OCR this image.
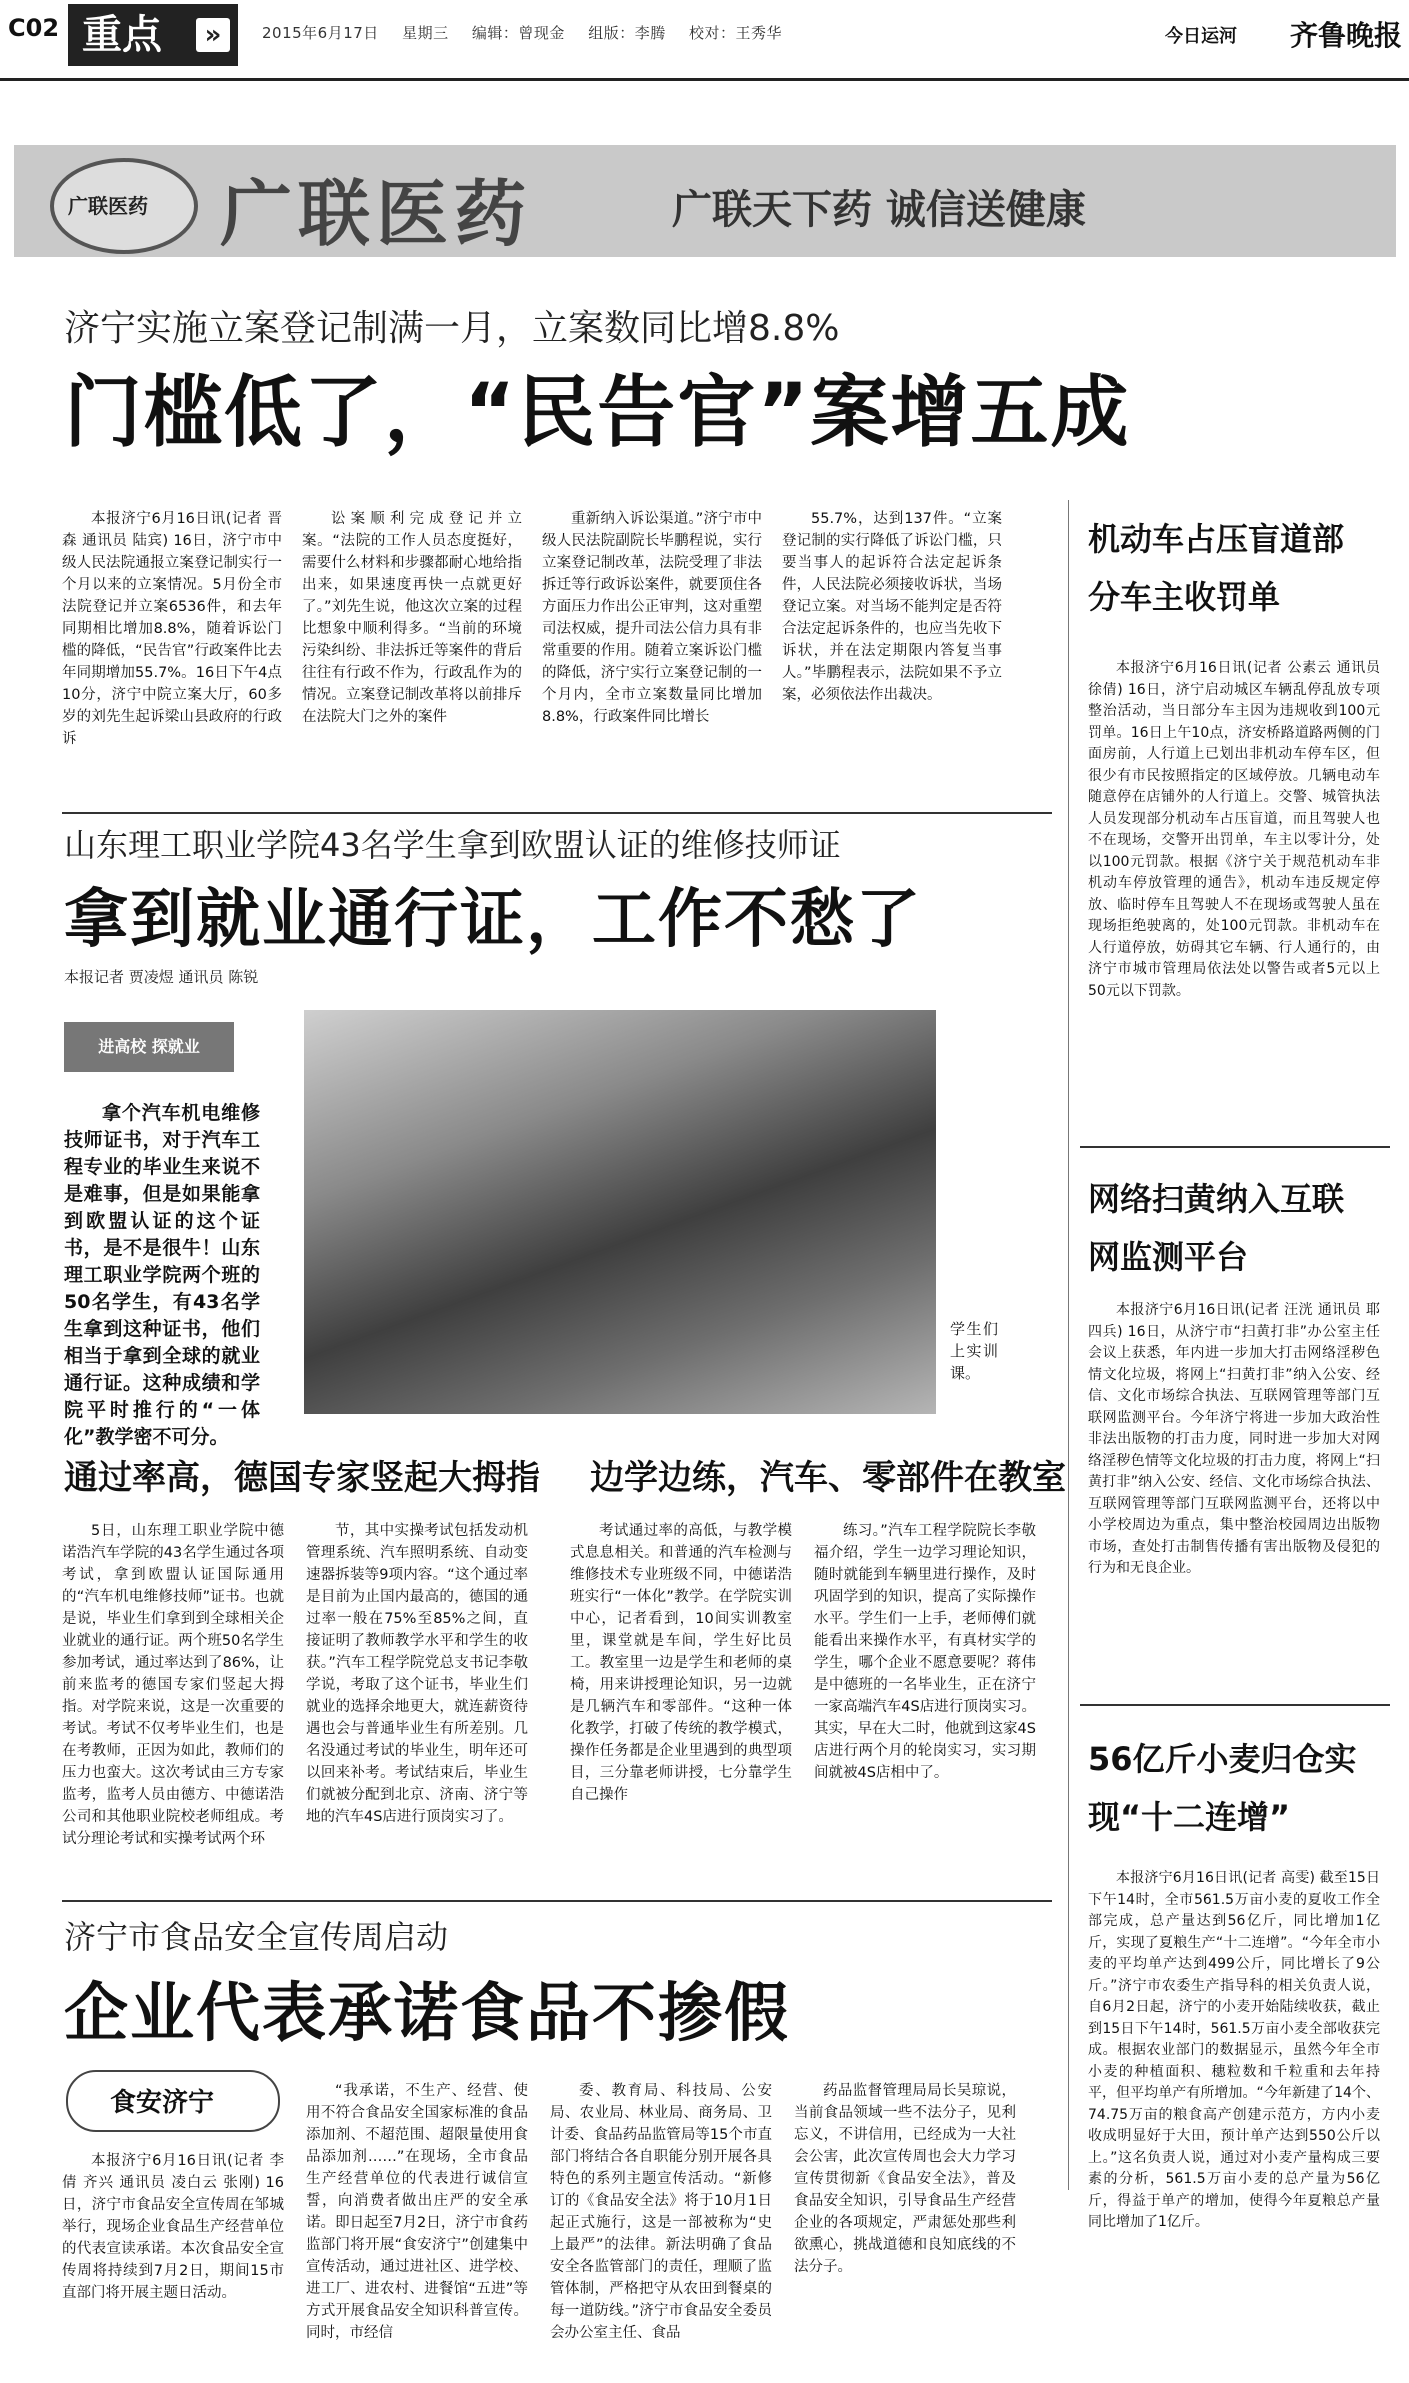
C02 重点	»	2015年6月17日 星期三 编辑：曾现金 组版：李腾 校对：王秀华	今日运河 齐鲁晚报
广联医药 广联医药	广联天下药 诚信送健康
济宁实施立案登记制满一月，立案数同比增8.8%
门槛低了，“民告官”案增五成

本报济宁6月16日讯(记者 晋森 通讯员 陆宾) 16日，济宁市中级人民法院通报立案登记制实行一个月以来的立案情况。5月份全市法院登记并立案6536件，和去年同期相比增加8.8%，随着诉讼门槛的降低，“民告官”行政案件比去年同期增加55.7%。16日下午4点10分，济宁中院立案大厅，60多岁的刘先生起诉梁山县政府的行政诉

讼案顺利完成登记并立案。“法院的工作人员态度挺好，需要什么材料和步骤都耐心地给指出来，如果速度再快一点就更好了。”刘先生说，他这次立案的过程比想象中顺利得多。“当前的环境污染纠纷、非法拆迁等案件的背后往往有行政不作为，行政乱作为的情况。立案登记制改革将以前排斥在法院大门之外的案件

重新纳入诉讼渠道。”济宁市中级人民法院副院长毕鹏程说，实行立案登记制改革，法院受理了非法拆迁等行政诉讼案件，就要顶住各方面压力作出公正审判，这对重塑司法权威，提升司法公信力具有非常重要的作用。随着立案诉讼门槛的降低，济宁实行立案登记制的一个月内，全市立案数量同比增加8.8%，行政案件同比增长

55.7%，达到137件。“立案登记制的实行降低了诉讼门槛，只要当事人的起诉符合法定起诉条件，人民法院必须接收诉状，当场登记立案。对当场不能判定是否符合法定起诉条件的，也应当先收下诉状，并在法定期限内答复当事人。”毕鹏程表示，法院如果不予立案，必须依法作出裁决。

机动车占压盲道部分车主收罚单

本报济宁6月16日讯(记者 公素云 通讯员 徐倩) 16日，济宁启动城区车辆乱停乱放专项整治活动，当日部分车主因为违规收到100元罚单。16日上午10点，济安桥路道路两侧的门面房前，人行道上已划出非机动车停车区，但很少有市民按照指定的区域停放。几辆电动车随意停在店铺外的人行道上。交警、城管执法人员发现部分机动车占压盲道，而且驾驶人也不在现场，交警开出罚单，车主以零计分，处以100元罚款。根据《济宁关于规范机动车非机动车停放管理的通告》，机动车违反规定停放、临时停车且驾驶人不在现场或驾驶人虽在现场拒绝驶离的，处100元罚款。非机动车在人行道停放，妨碍其它车辆、行人通行的，由济宁市城市管理局依法处以警告或者5元以上50元以下罚款。

山东理工职业学院43名学生拿到欧盟认证的维修技师证
拿到就业通行证，工作不愁了
本报记者 贾凌煜 通讯员 陈锐
进高校 探就业

拿个汽车机电维修技师证书，对于汽车工程专业的毕业生来说不是难事，但是如果能拿到欧盟认证的这个证书，是不是很牛！山东理工职业学院两个班的50名学生，有43名学生拿到这种证书，他们相当于拿到全球的就业通行证。这种成绩和学院平时推行的“一体化”教学密不可分。

学生们上实训课。
通过率高，德国专家竖起大拇指 边学边练，汽车、零部件在教室

5日，山东理工职业学院中德诺浩汽车学院的43名学生通过各项考试，拿到欧盟认证国际通用的“汽车机电维修技师”证书。也就是说，毕业生们拿到到全球相关企业就业的通行证。两个班50名学生参加考试，通过率达到了86%，让前来监考的德国专家们竖起大拇指。对学院来说，这是一次重要的考试。考试不仅考毕业生们，也是在考教师，正因为如此，教师们的压力也蛮大。这次考试由三方专家监考，监考人员由德方、中德诺浩公司和其他职业院校老师组成。考试分理论考试和实操考试两个环

节，其中实操考试包括发动机管理系统、汽车照明系统、自动变速器拆装等9项内容。“这个通过率是目前为止国内最高的，德国的通过率一般在75%至85%之间，直接证明了教师教学水平和学生的收获。”汽车工程学院党总支书记李敬学说，考取了这个证书，毕业生们就业的选择余地更大，就连薪资待遇也会与普通毕业生有所差别。几名没通过考试的毕业生，明年还可以回来补考。考试结束后，毕业生们就被分配到北京、济南、济宁等地的汽车4S店进行顶岗实习了。

考试通过率的高低，与教学模式息息相关。和普通的汽车检测与维修技术专业班级不同，中德诺浩班实行“一体化”教学。在学院实训中心，记者看到，10间实训教室里，课堂就是车间，学生好比员工。教室里一边是学生和老师的桌椅，用来讲授理论知识，另一边就是几辆汽车和零部件。“这种一体化教学，打破了传统的教学模式，操作任务都是企业里遇到的典型项目，三分靠老师讲授，七分靠学生自己操作

练习。”汽车工程学院院长李敬福介绍，学生一边学习理论知识，随时就能到车辆里进行操作，及时巩固学到的知识，提高了实际操作水平。学生们一上手，老师傅们就能看出来操作水平，有真材实学的学生，哪个企业不愿意要呢？蒋伟是中德班的一名毕业生，正在济宁一家高端汽车4S店进行顶岗实习。其实，早在大二时，他就到这家4S店进行两个月的轮岗实习，实习期间就被4S店相中了。

网络扫黄纳入互联网监测平台

本报济宁6月16日讯(记者 汪洸 通讯员 耶四兵) 16日，从济宁市“扫黄打非”办公室主任会议上获悉，年内进一步加大打击网络淫秽色情文化垃圾，将网上“扫黄打非”纳入公安、经信、文化市场综合执法、互联网管理等部门互联网监测平台。今年济宁将进一步加大政治性非法出版物的打击力度，同时进一步加大对网络淫秽色情等文化垃圾的打击力度，将网上“扫黄打非”纳入公安、经信、文化市场综合执法、互联网管理等部门互联网监测平台，还将以中小学校周边为重点，集中整治校园周边出版物市场，查处打击制售传播有害出版物及侵犯的行为和无良企业。

56亿斤小麦归仓实现“十二连增”

本报济宁6月16日讯(记者 高雯) 截至15日下午14时，全市561.5万亩小麦的夏收工作全部完成，总产量达到56亿斤，同比增加1亿斤，实现了夏粮生产“十二连增”。“今年全市小麦的平均单产达到499公斤，同比增长了9公斤。”济宁市农委生产指导科的相关负责人说，自6月2日起，济宁的小麦开始陆续收获，截止到15日下午14时，561.5万亩小麦全部收获完成。根据农业部门的数据显示，虽然今年全市小麦的种植面积、穗粒数和千粒重和去年持平，但平均单产有所增加。“今年新建了14个、74.75万亩的粮食高产创建示范方，方内小麦收成明显好于大田，预计单产达到550公斤以上。”这名负责人说，通过对小麦产量构成三要素的分析，561.5万亩小麦的总产量为56亿斤，得益于单产的增加，使得今年夏粮总产量同比增加了1亿斤。

济宁市食品安全宣传周启动
企业代表承诺食品不掺假
食安济宁

本报济宁6月16日讯(记者 李倩 齐兴 通讯员 凌白云 张刚) 16日，济宁市食品安全宣传周在邹城举行，现场企业食品生产经营单位的代表宣读承诺。本次食品安全宣传周将持续到7月2日，期间15市直部门将开展主题日活动。

“我承诺，不生产、经营、使用不符合食品安全国家标准的食品添加剂、不超范围、超限量使用食品添加剂……”在现场，全市食品生产经营单位的代表进行诚信宣誓，向消费者做出庄严的安全承诺。即日起至7月2日，济宁市食药监部门将开展“食安济宁”创建集中宣传活动，通过进社区、进学校、进工厂、进农村、进餐馆“五进”等方式开展食品安全知识科普宣传。同时，市经信

委、教育局、科技局、公安局、农业局、林业局、商务局、卫计委、食品药品监管局等15个市直部门将结合各自职能分别开展各具特色的系列主题宣传活动。“新修订的《食品安全法》将于10月1日起正式施行，这是一部被称为“史上最严”的法律。新法明确了食品安全各监管部门的责任，理顺了监管体制，严格把守从农田到餐桌的每一道防线。”济宁市食品安全委员会办公室主任、食品

药品监督管理局局长吴琼说，当前食品领域一些不法分子，见利忘义，不讲信用，已经成为一大社会公害，此次宣传周也会大力学习宣传贯彻新《食品安全法》，普及食品安全知识，引导食品生产经营企业的各项规定，严肃惩处那些利欲熏心，挑战道德和良知底线的不法分子。
